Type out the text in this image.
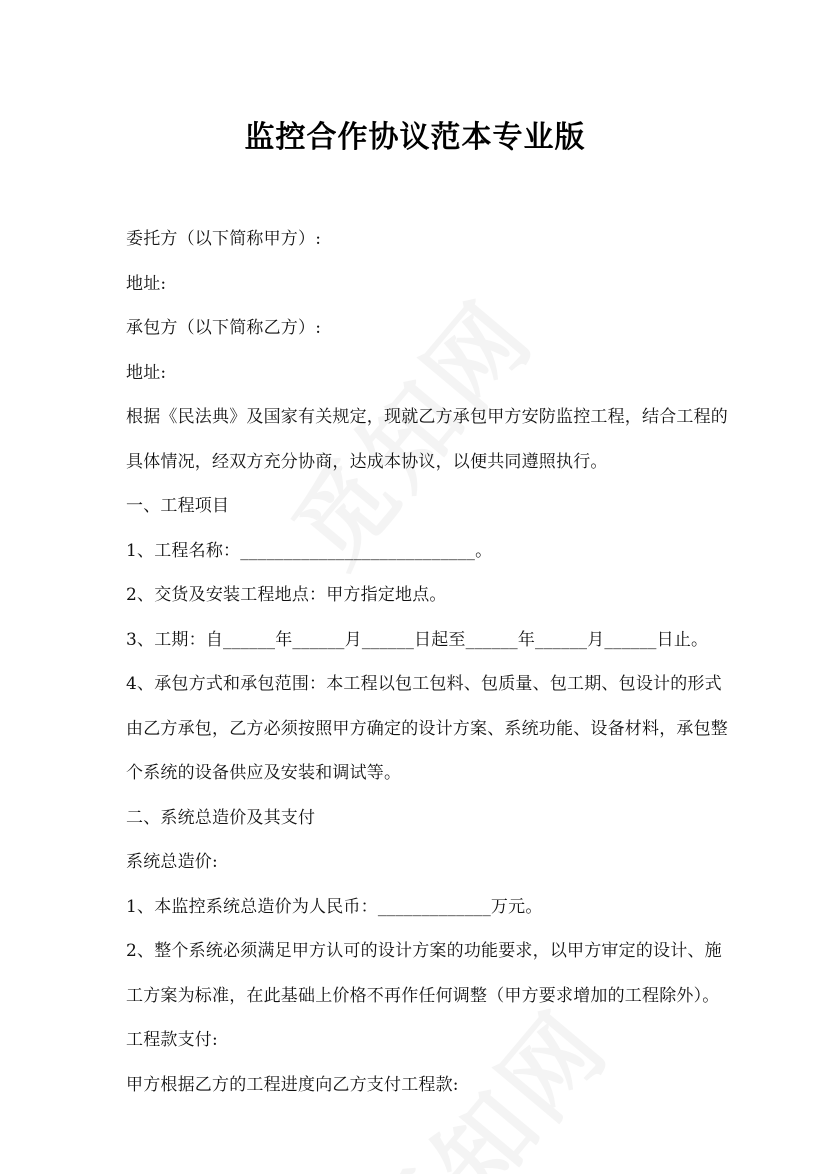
监控合作协议范本专业版

委托方（以下简称甲方）:

地址:

承包方（以下简称乙方）:

地址:

根据《民法典》及国家有关规定，现就乙方承包甲方安防监控工程，结合工程的

具体情况，经双方充分协商，达成本协议，以便共同遵照执行。

一、工程项目

1、工程名称：___________________________。

2、交货及安装工程地点：甲方指定地点。

3、工期：自______年______月______日起至______年______月______日止。

4、承包方式和承包范围：本工程以包工包料、包质量、包工期、包设计的形式

由乙方承包，乙方必须按照甲方确定的设计方案、系统功能、设备材料，承包整

个系统的设备供应及安装和调试等。

二、系统总造价及其支付

系统总造价:

1、本监控系统总造价为人民币：_____________万元。

2、整个系统必须满足甲方认可的设计方案的功能要求，以甲方审定的设计、施

工方案为标准，在此基础上价格不再作任何调整（甲方要求增加的工程除外）。

工程款支付:

甲方根据乙方的工程进度向乙方支付工程款:
